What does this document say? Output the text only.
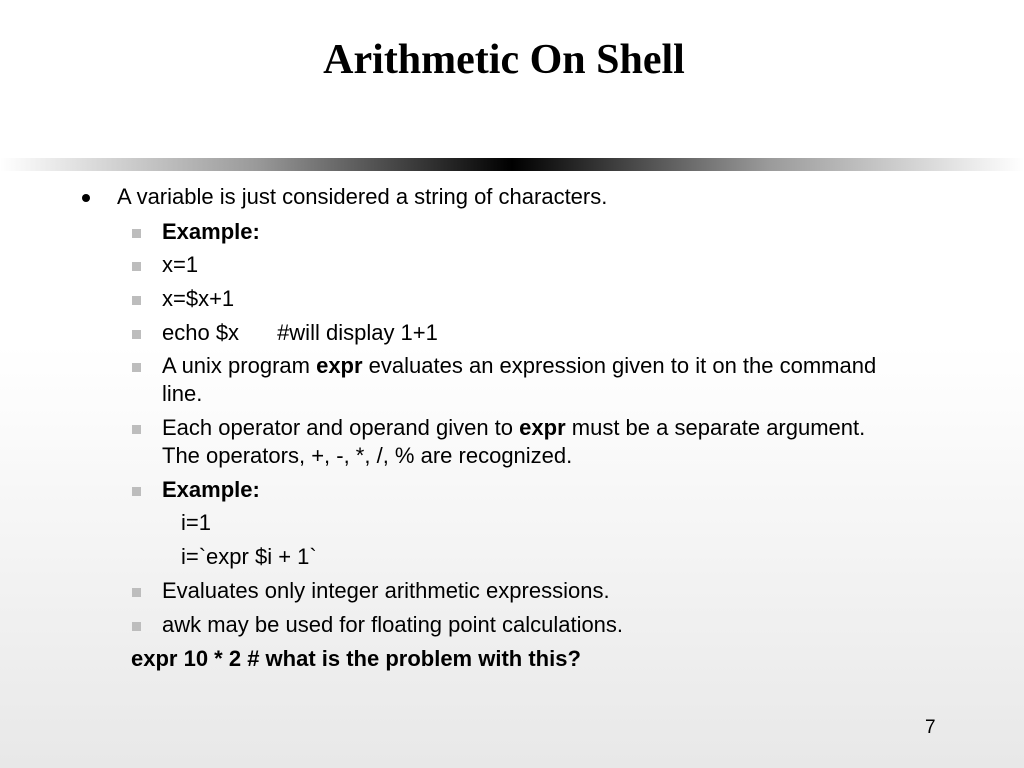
Arithmetic On Shell
A variable is just considered a string of characters.
Example:
x=1
x=$x+1
echo $x #will display 1+1
A unix program expr evaluates an expression given to it on the command line.
Each operator and operand given to expr must be a separate argument. The operators, +, -, *, /, % are recognized.
Example:
i=1
i=`expr $i + 1`
Evaluates only integer arithmetic expressions.
awk may be used for floating point calculations.
expr 10 * 2 # what is the problem with this?
7
